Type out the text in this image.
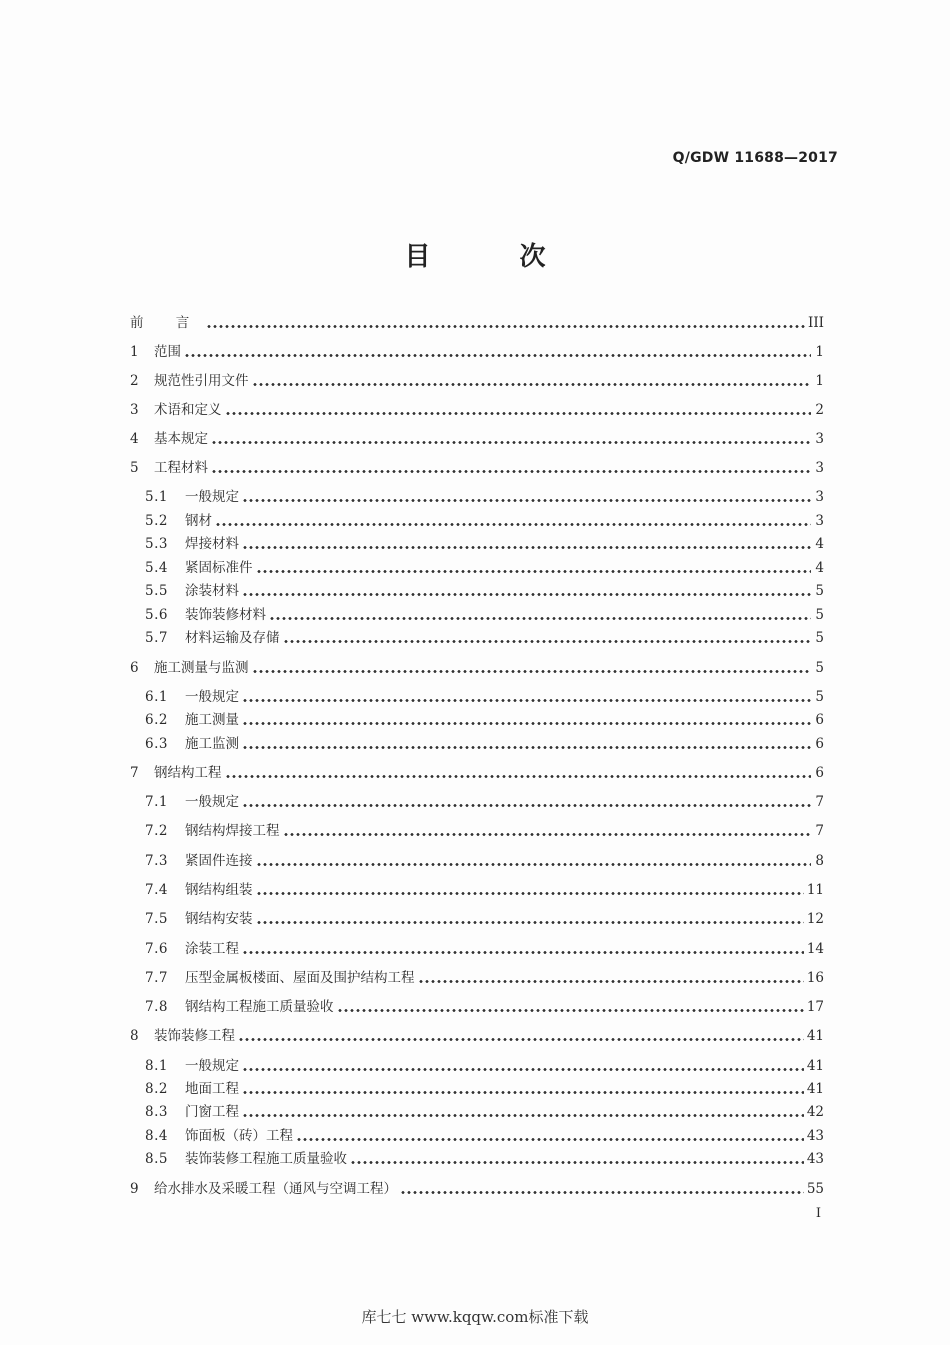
Q/GDW 11688—2017
目 次
前 言	III
1	范围	1
2	规范性引用文件	1
3	术语和定义	2
4	基本规定	3
5	工程材料	3
5.1	一般规定	3
5.2	钢材	3
5.3	焊接材料	4
5.4	紧固标准件	4
5.5	涂装材料	5
5.6	装饰装修材料	5
5.7	材料运输及存储	5
6	施工测量与监测	5
6.1	一般规定	5
6.2	施工测量	6
6.3	施工监测	6
7	钢结构工程	6
7.1	一般规定	7
7.2	钢结构焊接工程	7
7.3	紧固件连接	8
7.4	钢结构组装	11
7.5	钢结构安装	12
7.6	涂装工程	14
7.7	压型金属板楼面、屋面及围护结构工程	16
7.8	钢结构工程施工质量验收	17
8	装饰装修工程	41
8.1	一般规定	41
8.2	地面工程	41
8.3	门窗工程	42
8.4	饰面板（砖）工程	43
8.5	装饰装修工程施工质量验收	43
9	给水排水及采暖工程（通风与空调工程）	55
I
库七七 www.kqqw.com标准下载
